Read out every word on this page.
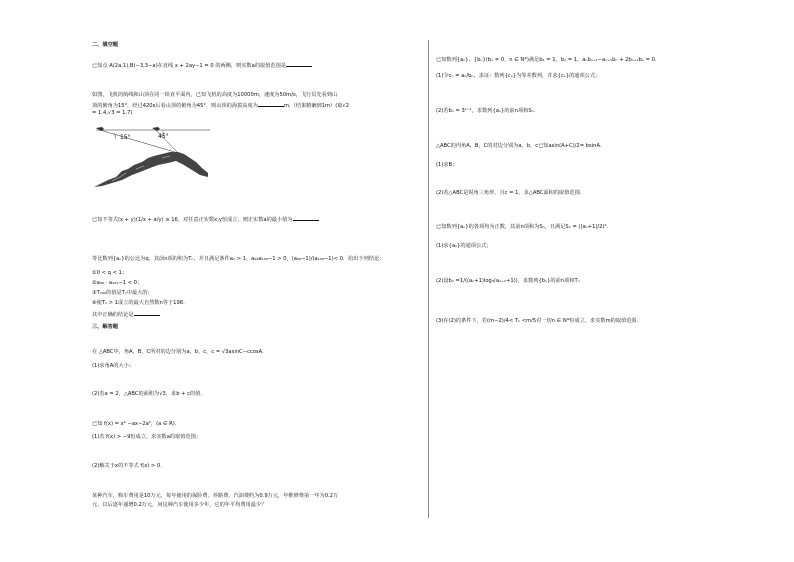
二、填空题
已知点 A(2a,1),B(−3,3−a)在直线 x + 2ay−1 = 0 的两侧，则实数a的取值范围是
如图，飞机的航线和山顶在同一铅直平面内，已知飞机的高度为10000m，速度为50m/s，飞行员先看到山
顶的俯角为15°，经过420s后看山顶的俯角为45°，则山顶的海拔高度为	m.（结果精确到1m）(取√2
= 1.4,√3 = 1.7)
15°	45°
已知不等式(x + y)(1/x + a/y) ≥ 16，对任意正实数x,y恒成立，则正实数a的最小值为
等比数列{aₙ}的公比为q，其前n项的积为Tₙ，并且满足条件a₁ > 1，a₉₉a₁₀₀−1 > 0，(a₉₉−1)/(a₁₀₀−1)< 0．给出下列结论：
①0 < q < 1；
②a₉₉ · a₁₀₁−1 < 0；
③T₁₀₀的值是Tₙ中最大的；
④使Tₙ > 1成立的最大自然数n等于198.
其中正确的结论是
三、解答题
在 △ABC中，角A，B，C所对的边分别为a，b，c，c = √3asinC−ccosA．
(1)求角A的大小；
(2)若a = 2，△ABC的面积为√3，求b + c的值．
已知 f(x) = x² −ax−2a²，(a ∈ R)．
(1)若 f(x) > −9恒成立，求实数a的取值范围；
(2)解关于x的不等式 f(x) > 0．
某种汽车，购车费用是10万元，每年使用的保险费、养路费、汽油费约为0.9万元，年维修费第一年为0.2万
元，以后逐年递增0.2万元，问这种汽车使用多少年，它的年平均费用最少？
已知数列{aₙ}，{bₙ}(bₙ ≠ 0，n ∈ N*)满足b₁ = 1，b₁ = 1，aₙbₙ₊₁−aₙ₊₁bₙ + 2bₙ₊₁bₙ = 0.
(1)令cₙ = aₙ/bₙ，求证：数列{cₙ}为等差数列，并求{cₙ}的通项公式；
(2)若bₙ = 3ⁿ⁻¹，求数列{aₙ}的前n项和Sₙ．
△ABC的内角A，B，C的对边分别为a，b，c已知asin(A+C)/2= bsinA.
(1)求B；
(2)若△ABC是锐角三角形，且c = 1，求△ABC面积的取值范围.
已知数列{aₙ}的各项均为正数，其前n项和为Sₙ，且满足Sₙ = ((aₙ+1)/2)².
(1)求{aₙ}的通项公式；
(2)设bₙ =1/((aₙ+1)log₃(aₙ₊₁+1))，求数列{bₙ}的前n项和Tₙ
(3)在(2)的条件下，若(m−2)/4< Tₙ <m/5对一切n ∈ N*恒成立，求实数m的取值范围.
